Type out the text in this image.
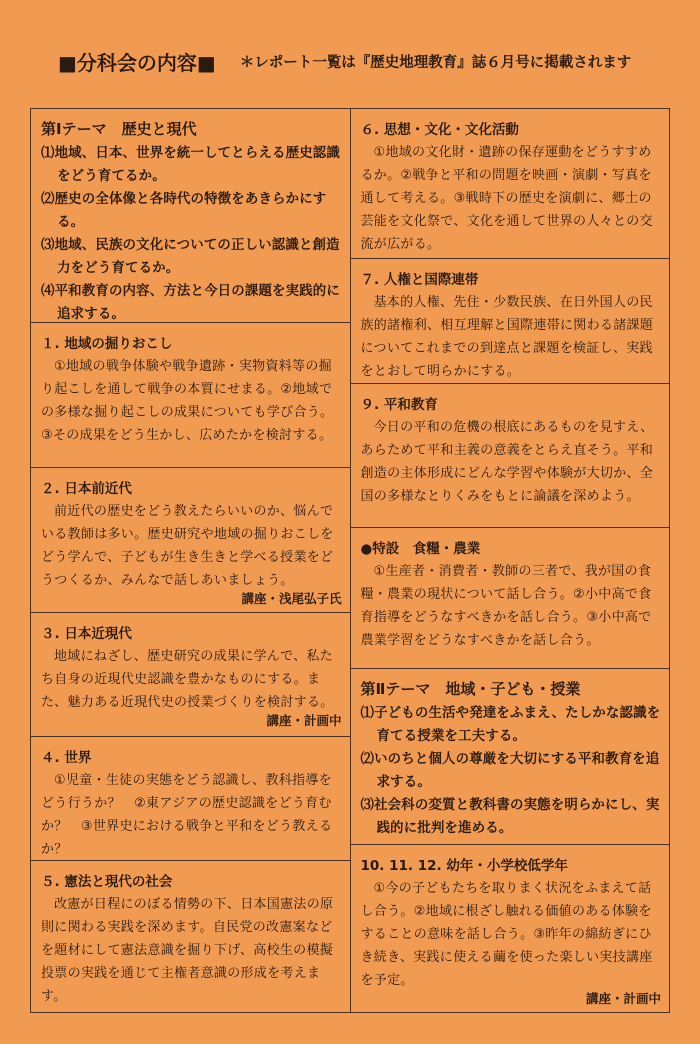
■分科会の内容■ ＊レポート一覧は『歴史地理教育』誌６月号に掲載されます
第Ⅰテーマ　歴史と現代
⑴地域、日本、世界を統一してとらえる歴史認識をどう育てるか。
⑵歴史の全体像と各時代の特徴をあきらかにする。
⑶地域、民族の文化についての正しい認識と創造力をどう育てるか。
⑷平和教育の内容、方法と今日の課題を実践的に追求する。
１. 地域の掘りおこし
①地域の戦争体験や戦争遺跡・実物資料等の掘り起こしを通して戦争の本質にせまる。②地域での多様な掘り起こしの成果についても学び合う。③その成果をどう生かし、広めたかを検討する。
２. 日本前近代
前近代の歴史をどう教えたらいいのか、悩んでいる教師は多い。歴史研究や地域の掘りおこしをどう学んで、子どもが生き生きと学べる授業をどうつくるか、みんなで話しあいましょう。
講座・浅尾弘子氏
３. 日本近現代
地域にねざし、歴史研究の成果に学んで、私たち自身の近現代史認識を豊かなものにする。また、魅力ある近現代史の授業づくりを検討する。
講座・計画中
４. 世界
①児童・生徒の実態をどう認識し、教科指導をどう行うか？　②東アジアの歴史認識をどう育むか？　③世界史における戦争と平和をどう教えるか？
５. 憲法と現代の社会
改憲が日程にのぼる情勢の下、日本国憲法の原則に関わる実践を深めます。自民党の改憲案などを題材にして憲法意識を掘り下げ、高校生の模擬投票の実践を通じて主権者意識の形成を考えます。
６. 思想・文化・文化活動
①地域の文化財・遺跡の保存運動をどうすすめるか。②戦争と平和の問題を映画・演劇・写真を通して考える。③戦時下の歴史を演劇に、郷土の芸能を文化祭で、文化を通して世界の人々との交流が広がる。
７. 人権と国際連帯
基本的人権、先住・少数民族、在日外国人の民族的諸権利、相互理解と国際連帯に関わる諸課題についてこれまでの到達点と課題を検証し、実践をとおして明らかにする。
９. 平和教育
今日の平和の危機の根底にあるものを見すえ、あらためて平和主義の意義をとらえ直そう。平和創造の主体形成にどんな学習や体験が大切か、全国の多様なとりくみをもとに論議を深めよう。
●特設　食糧・農業
①生産者・消費者・教師の三者で、我が国の食糧・農業の現状について話し合う。②小中高で食育指導をどうなすべきかを話し合う。③小中高で農業学習をどうなすべきかを話し合う。
第Ⅱテーマ　地域・子ども・授業
⑴子どもの生活や発達をふまえ、たしかな認識を育てる授業を工夫する。
⑵いのちと個人の尊厳を大切にする平和教育を追求する。
⑶社会科の変質と教科書の実態を明らかにし、実践的に批判を進める。
10. 11. 12. 幼年・小学校低学年
①今の子どもたちを取りまく状況をふまえて話し合う。②地域に根ざし触れる価値のある体験をすることの意味を話し合う。③昨年の綿紡ぎにひき続き、実践に使える繭を使った楽しい実技講座を予定。
講座・計画中
